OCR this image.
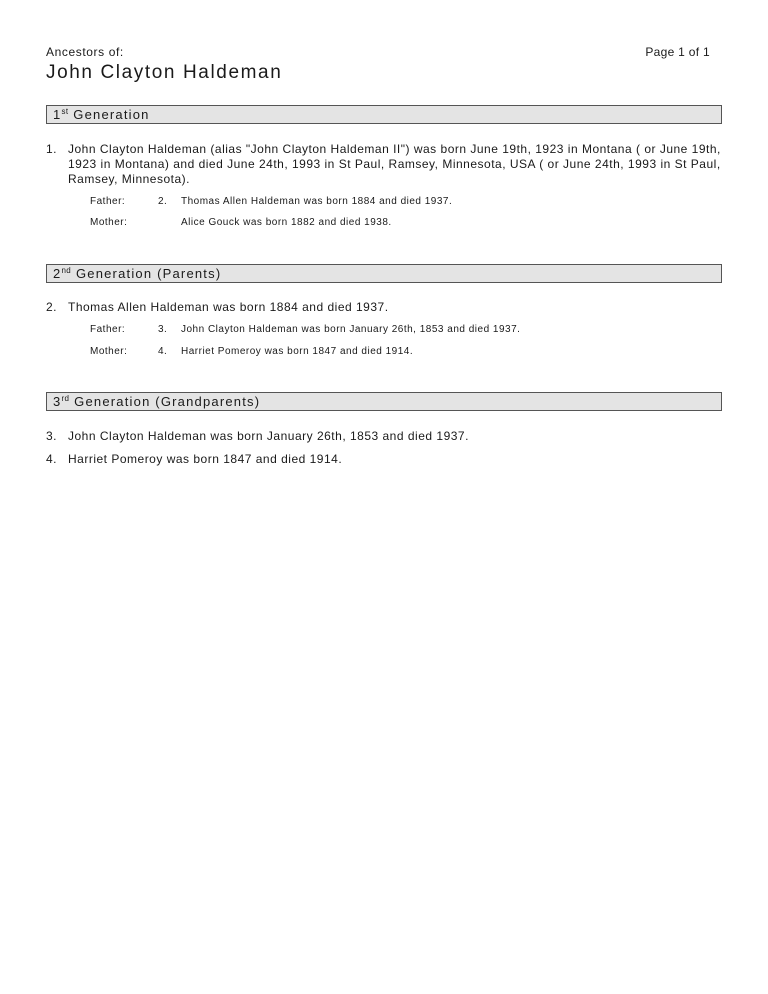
Ancestors of:	Page 1 of 1
John Clayton Haldeman
1st Generation
1. John Clayton Haldeman (alias "John Clayton Haldeman II") was born June 19th, 1923 in Montana ( or June 19th, 1923 in Montana) and died June 24th, 1993 in St Paul, Ramsey, Minnesota, USA ( or June 24th, 1993 in St Paul, Ramsey, Minnesota).
Father:	2. Thomas Allen Haldeman was born 1884 and died 1937.
Mother:	Alice Gouck was born 1882 and died 1938.
2nd Generation (Parents)
2. Thomas Allen Haldeman was born 1884 and died 1937.
Father:	3. John Clayton Haldeman was born January 26th, 1853 and died 1937.
Mother:	4. Harriet Pomeroy was born 1847 and died 1914.
3rd Generation (Grandparents)
3. John Clayton Haldeman was born January 26th, 1853 and died 1937.
4. Harriet Pomeroy was born 1847 and died 1914.
